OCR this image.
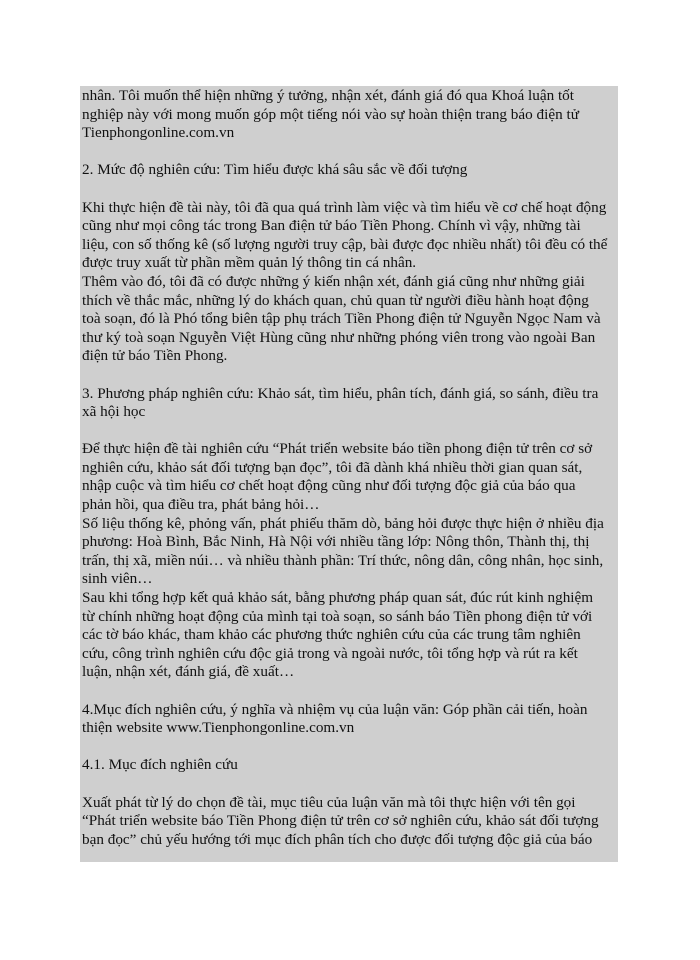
nhân. Tôi muốn thể hiện những ý tưởng, nhận xét, đánh giá đó qua Khoá luận tốt
nghiệp này với mong muốn góp một tiếng nói vào sự hoàn thiện trang báo điện tử
Tienphongonline.com.vn
2. Mức độ nghiên cứu: Tìm hiểu được khá sâu sắc về đối tượng
Khi thực hiện đề tài này, tôi đã qua quá trình làm việc và tìm hiểu về cơ chế hoạt động
cũng như mọi công tác trong Ban điện tử báo Tiền Phong. Chính vì vậy, những tài
liệu, con số thống kê (số lượng người truy cập, bài được đọc nhiều nhất) tôi đều có thể
được truy xuất từ phần mềm quản lý thông tin cá nhân.
Thêm vào đó, tôi đã có được những ý kiến nhận xét, đánh giá cũng như những giải
thích về thắc mắc, những lý do khách quan, chủ quan từ người điều hành hoạt động
toà soạn, đó là Phó tổng biên tập phụ trách Tiền Phong điện tử Nguyễn Ngọc Nam và
thư ký toà soạn Nguyễn Việt Hùng cũng như những phóng viên trong vào ngoài Ban
điện tử báo Tiền Phong.
3. Phương pháp nghiên cứu: Khảo sát, tìm hiểu, phân tích, đánh giá, so sánh, điều tra
xã hội học
Để thực hiện đề tài nghiên cứu “Phát triển website báo tiền phong điện tử trên cơ sở
nghiên cứu, khảo sát đối tượng bạn đọc”, tôi đã dành khá nhiều thời gian quan sát,
nhập cuộc và tìm hiểu cơ chết hoạt động cũng như đối tượng độc giả của báo qua
phản hồi, qua điều tra, phát bảng hỏi…
Số liệu thống kê, phỏng vấn, phát phiếu thăm dò, bảng hỏi được thực hiện ở nhiều địa
phương: Hoà Bình, Bắc Ninh, Hà Nội với nhiều tầng lớp: Nông thôn, Thành thị, thị
trấn, thị xã, miền núi… và nhiều thành phần: Trí thức, nông dân, công nhân, học sinh,
sinh viên…
Sau khi tổng hợp kết quả khảo sát, bằng phương pháp quan sát, đúc rút kinh nghiệm
từ chính những hoạt động của mình tại toà soạn, so sánh báo Tiền phong điện tử với
các tờ báo khác, tham khảo các phương thức nghiên cứu của các trung tâm nghiên
cứu, công trình nghiên cứu độc giả trong và ngoài nước, tôi tổng hợp và rút ra kết
luận, nhận xét, đánh giá, đề xuất…
4.Mục đích nghiên cứu, ý nghĩa và nhiệm vụ của luận văn: Góp phần cải tiến, hoàn
thiện website www.Tienphongonline.com.vn
4.1. Mục đích nghiên cứu
Xuất phát từ lý do chọn đề tài, mục tiêu của luận văn mà tôi thực hiện với tên gọi
“Phát triển website báo Tiền Phong điện tử trên cơ sở nghiên cứu, khảo sát đối tượng
bạn đọc” chủ yếu hướng tới mục đích phân tích cho được đối tượng độc giả của báo
